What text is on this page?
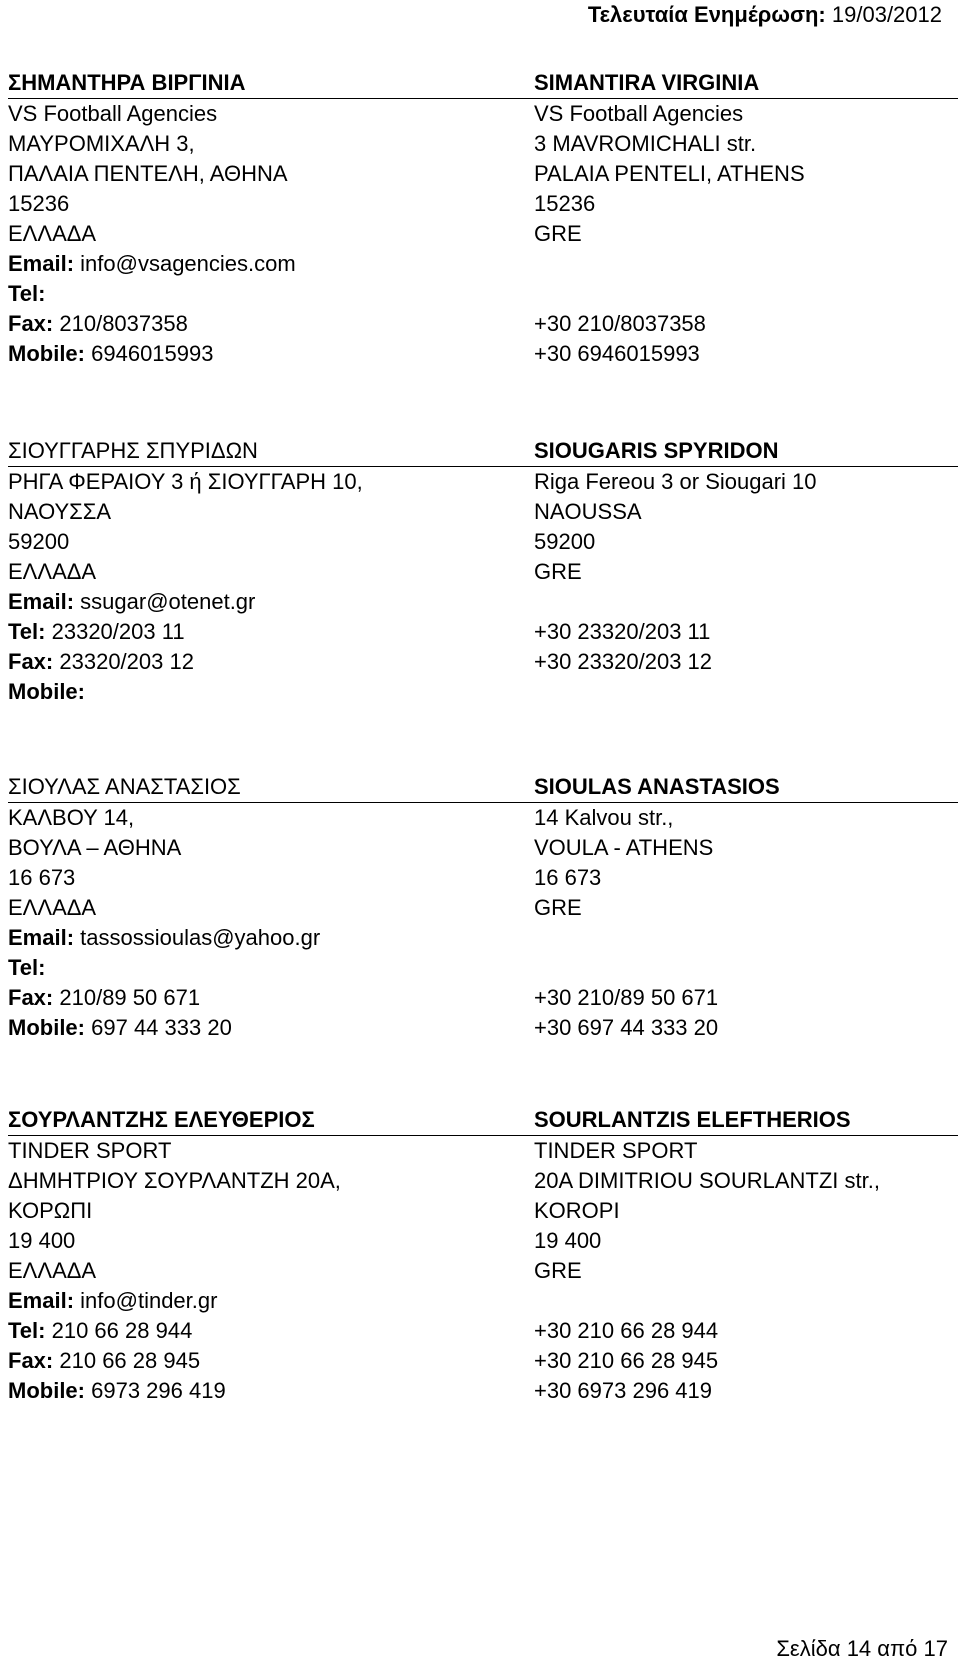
Τελευταία Ενημέρωση: 19/03/2012
ΣΗΜΑΝΤΗΡΑ ΒΙΡΓΙΝΙΑ	SIMANTIRA VIRGINIA
VS Football Agencies	VS Football Agencies
ΜΑΥΡΟΜΙΧΑΛΗ 3,	3 MAVROMICHALI str.
ΠΑΛΑΙΑ ΠΕΝΤΕΛΗ, ΑΘΗΝΑ	PALAIA PENTELI, ATHENS
15236	15236
ΕΛΛΑΔΑ	GRE
Email: info@vsagencies.com
Tel:
Fax: 210/8037358	+30 210/8037358
Mobile: 6946015993	+30 6946015993
ΣΙΟΥΓΓΑΡΗΣ ΣΠΥΡΙΔΩΝ	SIOUGARIS SPYRIDON
ΡΗΓΑ ΦΕΡΑΙΟΥ 3 ή ΣΙΟΥΓΓΑΡΗ 10,	Riga Fereou 3 or Siougari 10
ΝΑΟΥΣΣΑ	NAOUSSA
59200	59200
ΕΛΛΑΔΑ	GRE
Email: ssugar@otenet.gr
Tel: 23320/203 11	+30 23320/203 11
Fax: 23320/203 12	+30 23320/203 12
Mobile:
ΣΙΟΥΛΑΣ ΑΝΑΣΤΑΣΙΟΣ	SIOULAS ANASTASIOS
ΚΑΛΒΟΥ 14,	14 Kalvou str.,
ΒΟΥΛΑ – ΑΘΗΝΑ	VOULA - ATHENS
16 673	16 673
ΕΛΛΑΔΑ	GRE
Email: tassossioulas@yahoo.gr
Tel:
Fax: 210/89 50 671	+30 210/89 50 671
Mobile: 697 44 333 20	+30 697 44 333 20
ΣΟΥΡΛΑΝΤΖΗΣ ΕΛΕΥΘΕΡΙΟΣ	SOURLANTZIS ELEFTHERIOS
TINDER SPORT	TINDER SPORT
ΔΗΜΗΤΡΙΟΥ ΣΟΥΡΛΑΝΤΖΗ 20Α,	20A DIMITRIOU SOURLANTZI str.,
ΚΟΡΩΠΙ	KOROPI
19 400	19 400
ΕΛΛΑΔΑ	GRE
Email: info@tinder.gr
Tel: 210 66 28 944	+30 210 66 28 944
Fax: 210 66 28 945	+30 210 66 28 945
Mobile: 6973 296 419	+30 6973 296 419
Σελίδα 14 από 17
